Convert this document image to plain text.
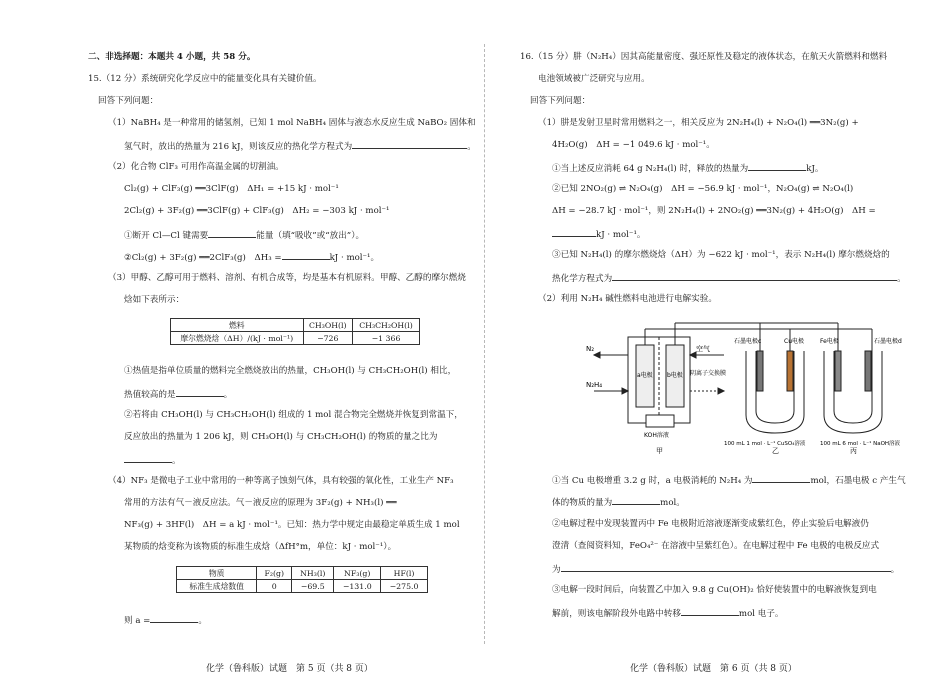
二、非选择题：本题共 4 小题，共 58 分。
15.（12 分）系统研究化学反应中的能量变化具有关键价值。
回答下列问题：
（1）NaBH₄ 是一种常用的储氢剂，已知 1 mol NaBH₄ 固体与液态水反应生成 NaBO₂ 固体和
氢气时，放出的热量为 216 kJ，则该反应的热化学方程式为	。
（2）化合物 ClF₃ 可用作高温金属的切割油。
Cl₂(g) + ClF₃(g) ══3ClF(g)　ΔH₁ = +15 kJ · mol⁻¹
2Cl₂(g) + 3F₂(g) ══3ClF(g) + ClF₃(g)　ΔH₂ = −303 kJ · mol⁻¹
①断开 Cl—Cl 键需要	能量（填“吸收”或“放出”）。
②Cl₂(g) + 3F₂(g) ══2ClF₃(g)　ΔH₃ =	kJ · mol⁻¹。
（3）甲醇、乙醇可用于燃料、溶剂、有机合成等，均是基本有机原料。甲醇、乙醇的摩尔燃烧
焓如下表所示：
燃料	CH₃OH(l)	CH₃CH₂OH(l)
摩尔燃烧焓（ΔH）/(kJ · mol⁻¹)	−726	−1 366
①热值是指单位质量的燃料完全燃烧放出的热量，CH₃OH(l) 与 CH₃CH₂OH(l) 相比，
热值较高的是	。
②若将由 CH₃OH(l) 与 CH₃CH₂OH(l) 组成的 1 mol 混合物完全燃烧并恢复到常温下，
反应放出的热量为 1 206 kJ，则 CH₃OH(l) 与 CH₃CH₂OH(l) 的物质的量之比为
。
（4）NF₃ 是微电子工业中常用的一种等离子蚀刻气体，具有较强的氧化性，工业生产 NF₃
常用的方法有气－液反应法。气－液反应的原理为 3F₂(g) + NH₃(l) ══
NF₃(g) + 3HF(l)　ΔH = a kJ · mol⁻¹。已知：热力学中规定由最稳定单质生成 1 mol
某物质的焓变称为该物质的标准生成焓（ΔfH°m，单位：kJ · mol⁻¹）。
物质	F₂(g)	NH₃(l)	NF₃(g)	HF(l)
标准生成焓数值	0	−69.5	−131.0	−275.0
则 a =	。
化学（鲁科版）试题　第 5 页（共 8 页）
16.（15 分）肼（N₂H₄）因其高能量密度、强还原性及稳定的液体状态，在航天火箭燃料和燃料
电池领域被广泛研究与应用。
回答下列问题：
（1）肼是发射卫星时常用燃料之一，相关反应为 2N₂H₄(l) + N₂O₄(l) ══3N₂(g) +
4H₂O(g)　ΔH = −1 049.6 kJ · mol⁻¹。
①当上述反应消耗 64 g N₂H₄(l) 时，释放的热量为	kJ。
②已知 2NO₂(g) ⇌ N₂O₄(g)　ΔH = −56.9 kJ · mol⁻¹，N₂O₄(g) ⇌ N₂O₄(l)
ΔH = −28.7 kJ · mol⁻¹，则 2N₂H₄(l) + 2NO₂(g) ══3N₂(g) + 4H₂O(g)　ΔH =
kJ · mol⁻¹。
③已知 N₂H₄(l) 的摩尔燃烧焓（ΔH）为 −622 kJ · mol⁻¹，表示 N₂H₄(l) 摩尔燃烧焓的
热化学方程式为	。
（2）利用 N₂H₄ 碱性燃料电池进行电解实验。
N₂
N₂H₄
空气
a电极 b电极 阴离子交换膜
KOH溶液
石墨电极c	Cu电极	Fe电极	石墨电极d
100 mL 1 mol · L⁻¹ CuSO₄溶液	100 mL 6 mol · L⁻¹ NaOH溶液
甲	乙	丙
①当 Cu 电极增重 3.2 g 时，a 电极消耗的 N₂H₄ 为	mol，石墨电极 c 产生气
体的物质的量为	mol。
②电解过程中发现装置丙中 Fe 电极附近溶液逐渐变成紫红色，停止实验后电解液仍
澄清（查阅资料知，FeO₄²⁻ 在溶液中呈紫红色）。在电解过程中 Fe 电极的电极反应式
为	。
③电解一段时间后，向装置乙中加入 9.8 g Cu(OH)₂ 恰好使装置中的电解液恢复到电
解前，则该电解阶段外电路中转移	mol 电子。
化学（鲁科版）试题　第 6 页（共 8 页）
